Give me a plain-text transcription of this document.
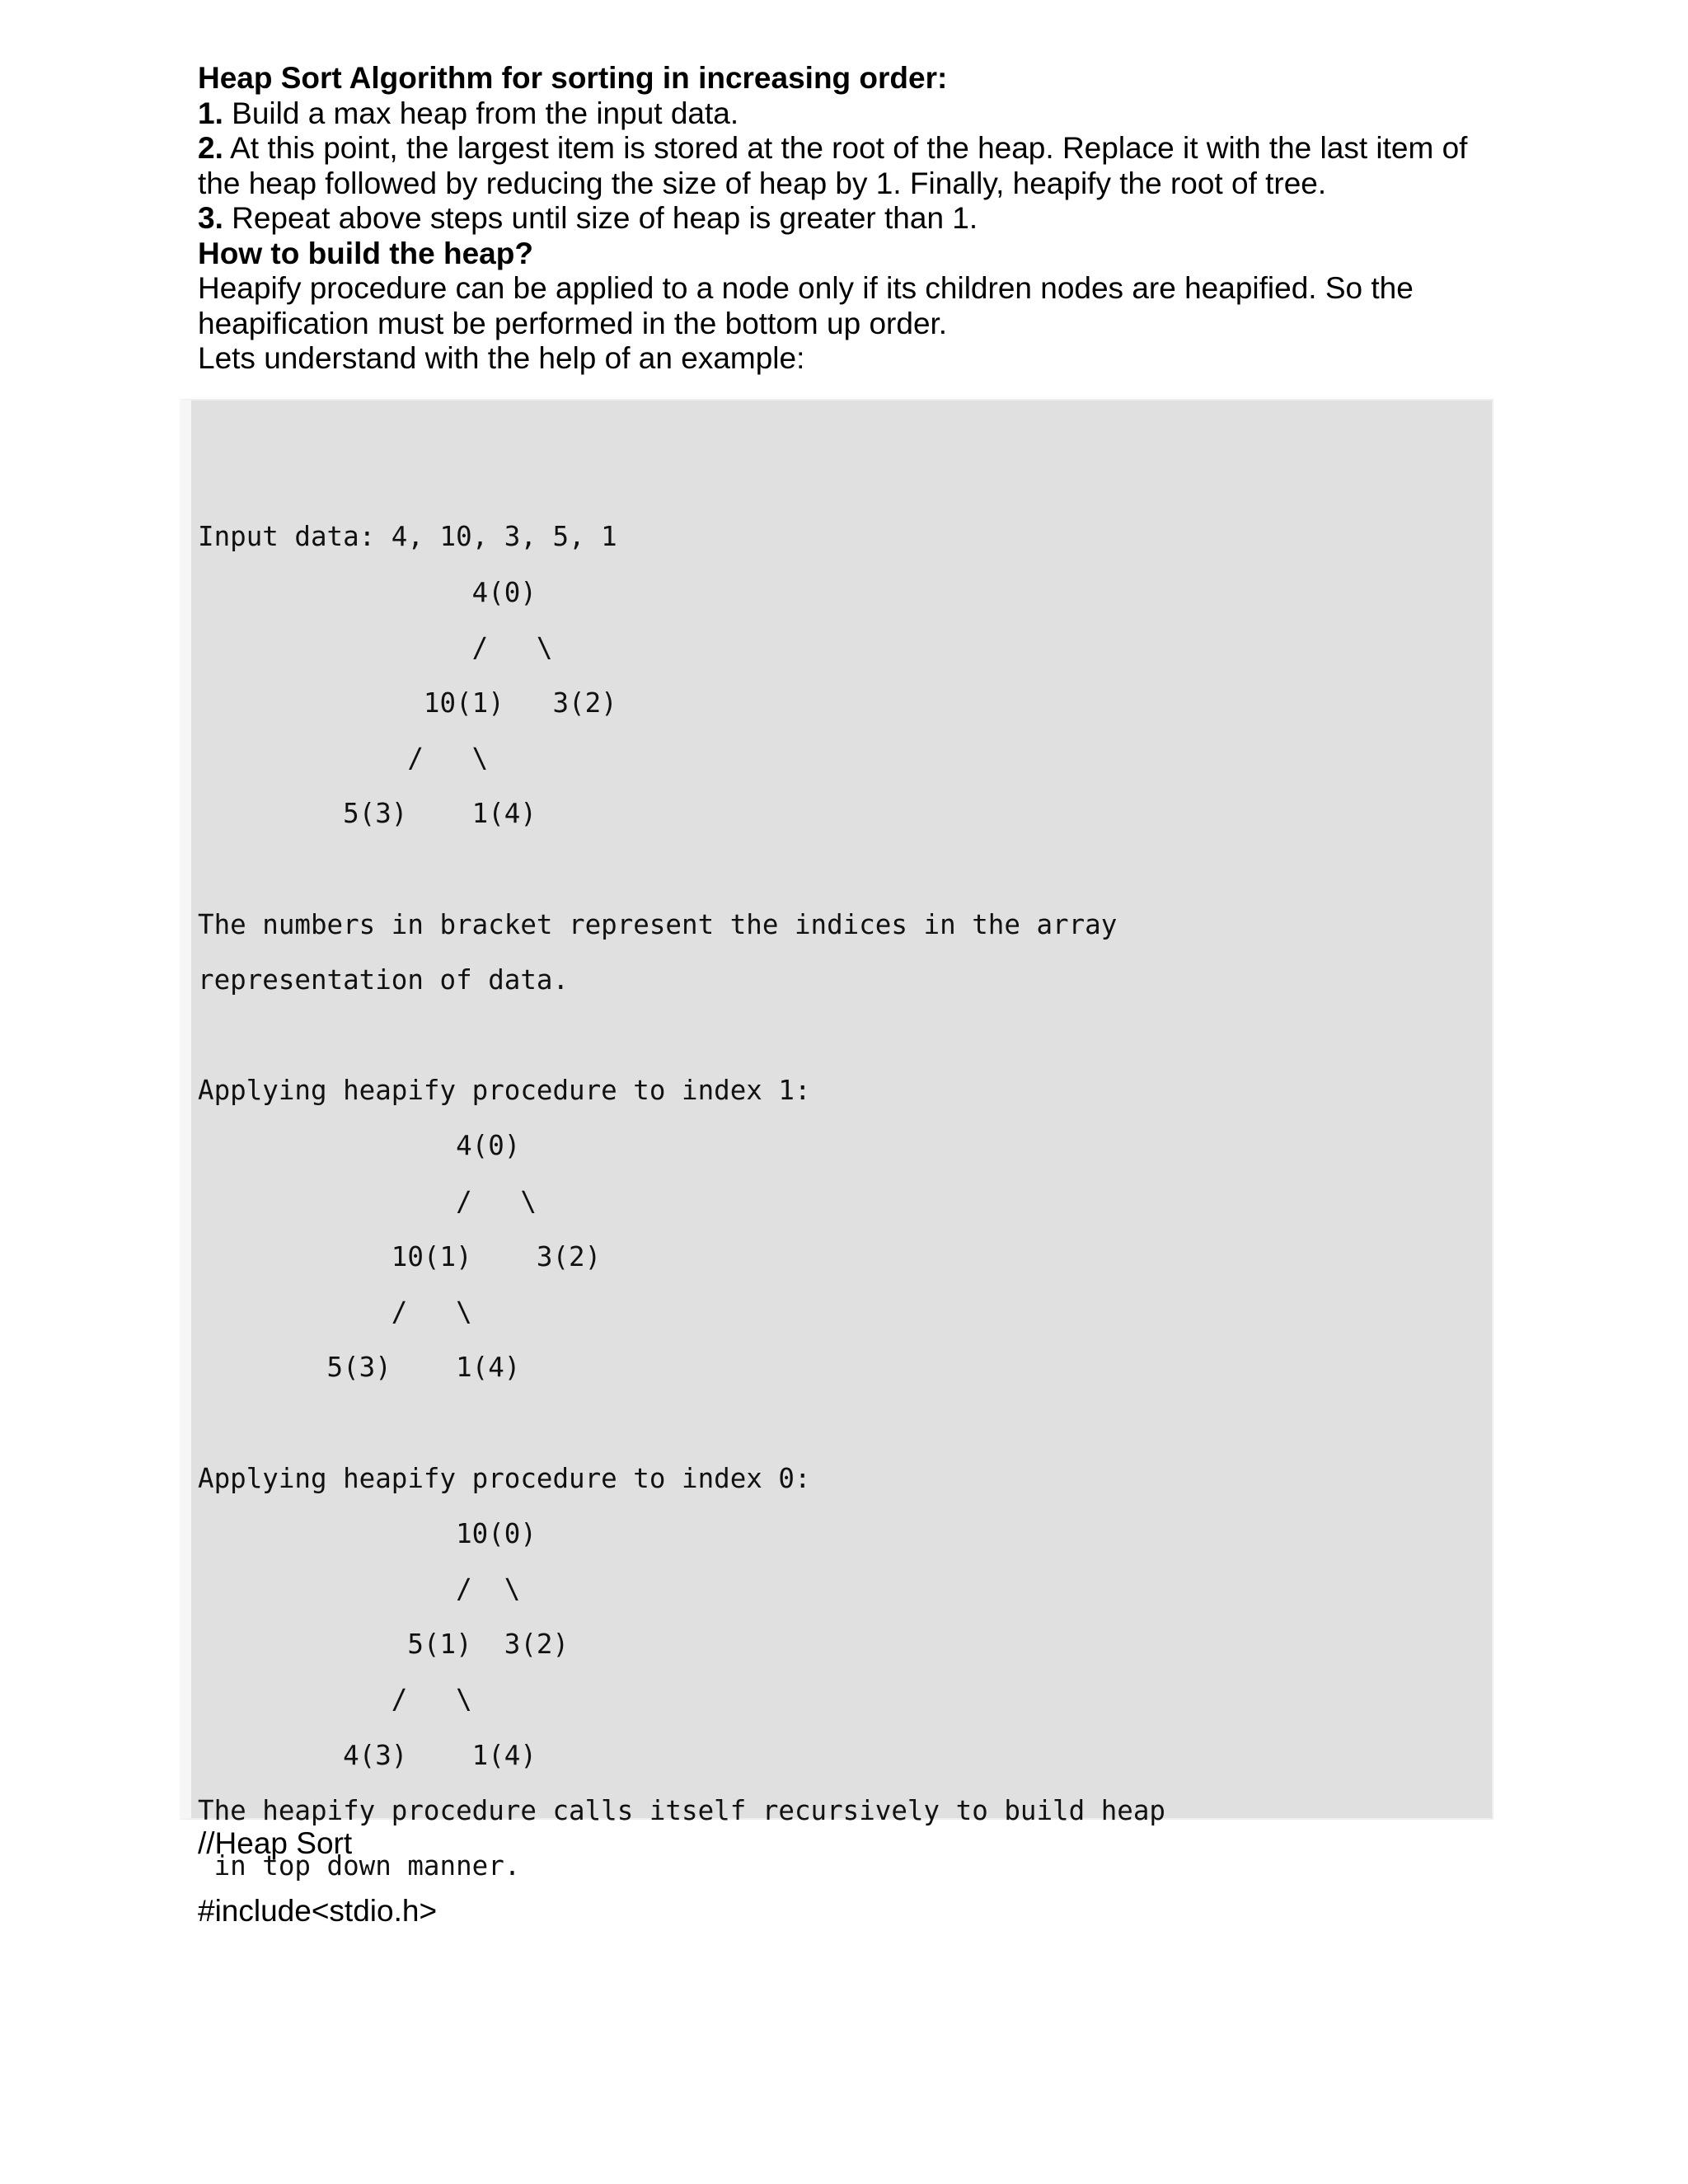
Heap Sort Algorithm for sorting in increasing order:
1. Build a max heap from the input data.
2. At this point, the largest item is stored at the root of the heap. Replace it with the last item of
the heap followed by reducing the size of heap by 1. Finally, heapify the root of tree.
3. Repeat above steps until size of heap is greater than 1.
How to build the heap?
Heapify procedure can be applied to a node only if its children nodes are heapified. So the
heapification must be performed in the bottom up order.
Lets understand with the help of an example:

Input data: 4, 10, 3, 5, 1
4(0)
/   \
10(1)   3(2)
/   \
5(3)    1(4)
The numbers in bracket represent the indices in the array
representation of data.
Applying heapify procedure to index 1:
4(0)
/   \
10(1)    3(2)
/   \
5(3)    1(4)
Applying heapify procedure to index 0:
10(0)
/  \
5(1)  3(2)
/   \
4(3)    1(4)
The heapify procedure calls itself recursively to build heap
in top down manner.

//Heap Sort
#include<stdio.h>
